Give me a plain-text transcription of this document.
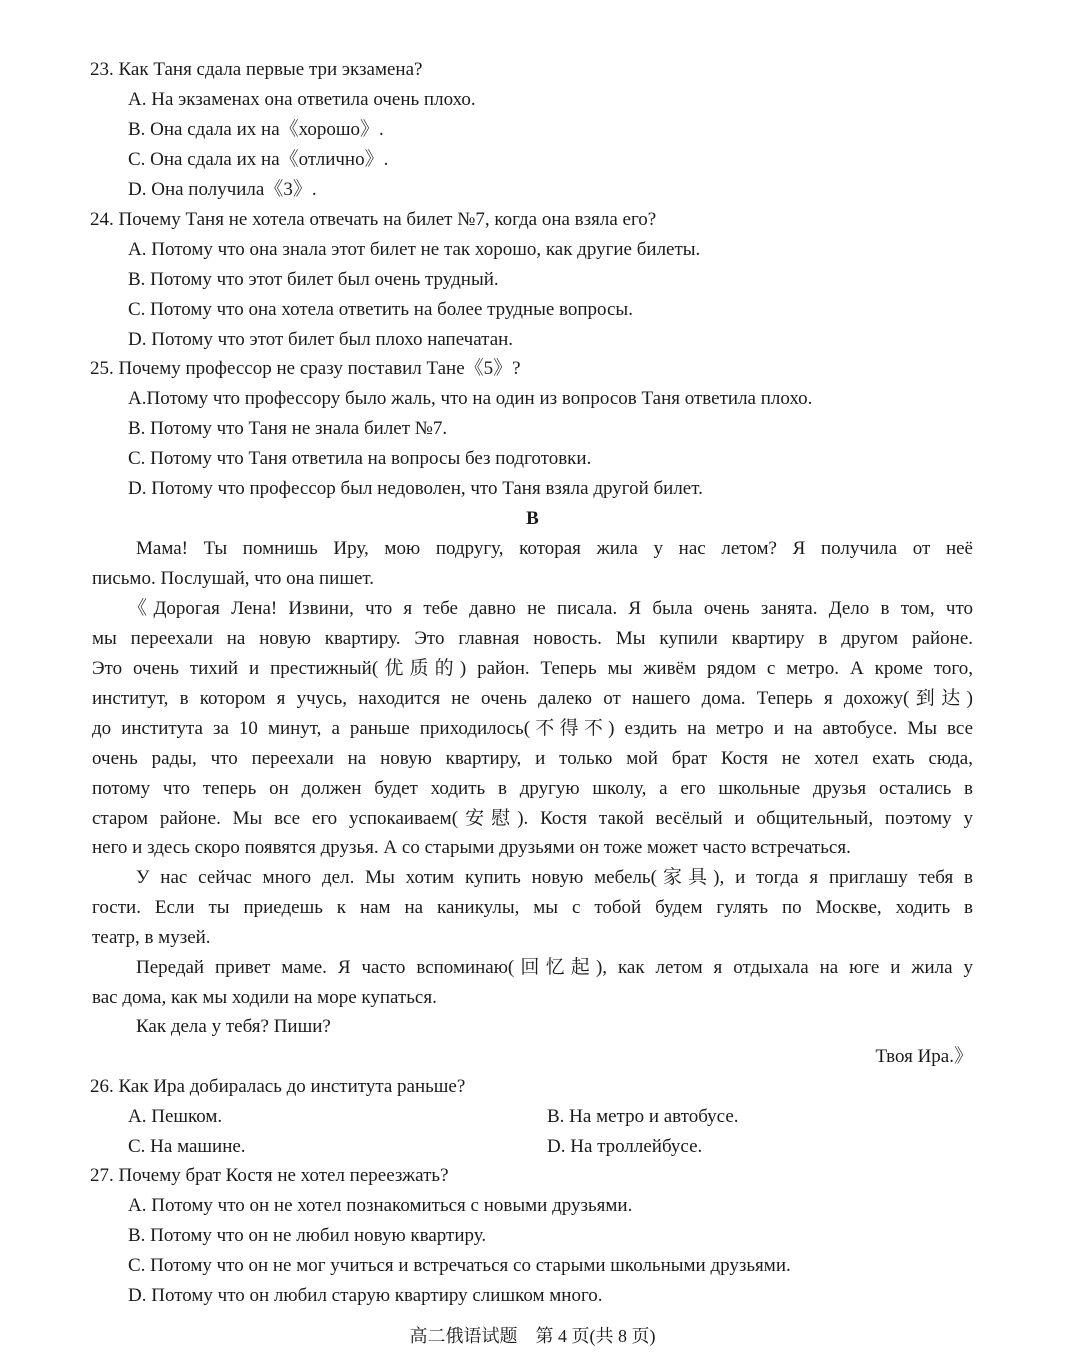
23. Как Таня сдала первые три экзамена?
A. На экзаменах она ответила очень плохо.
B. Она сдала их на《хорошо》.
C. Она сдала их на《отлично》.
D. Она получила《3》.
24. Почему Таня не хотела отвечать на билет №7, когда она взяла его?
A. Потому что она знала этот билет не так хорошо, как другие билеты.
B. Потому что этот билет был очень трудный.
C. Потому что она хотела ответить на более трудные вопросы.
D. Потому что этот билет был плохо напечатан.
25. Почему профессор не сразу поставил Тане《5》?
A.Потому что профессору было жаль, что на один из вопросов Таня ответила плохо.
B. Потому что Таня не знала билет №7.
C. Потому что Таня ответила на вопросы без подготовки.
D. Потому что профессор был недоволен, что Таня взяла другой билет.
B
Мама! Ты помнишь Иру, мою подругу, которая жила у нас летом? Я получила от неё
письмо. Послушай, что она пишет.
《Дорогая Лена! Извини, что я тебе давно не писала. Я была очень занята. Дело в том, что
мы переехали на новую квартиру. Это главная новость. Мы купили квартиру в другом районе.
Это очень тихий и престижный(优质的) район. Теперь мы живём рядом с метро. А кроме того,
институт, в котором я учусь, находится не очень далеко от нашего дома. Теперь я дохожу(到达)
до института за 10 минут, а раньше приходилось(不得不) ездить на метро и на автобусе. Мы все
очень рады, что переехали на новую квартиру, и только мой брат Костя не хотел ехать сюда,
потому что теперь он должен будет ходить в другую школу, а его школьные друзья остались в
старом районе. Мы все его успокаиваем(安慰). Костя такой весёлый и общительный, поэтому у
него и здесь скоро появятся друзья. А со старыми друзьями он тоже может часто встречаться.
У нас сейчас много дел. Мы хотим купить новую мебель(家具), и тогда я приглашу тебя в
гости. Если ты приедешь к нам на каникулы, мы с тобой будем гулять по Москве, ходить в
театр, в музей.
Передай привет маме. Я часто вспоминаю(回忆起), как летом я отдыхала на юге и жила у
вас дома, как мы ходили на море купаться.
Как дела у тебя? Пиши?
Твоя Ира.》
26. Как Ира добиралась до института раньше?
A. Пешком.	B. На метро и автобусе.
C. На машине.	D. На троллейбусе.
27. Почему брат Костя не хотел переезжать?
A. Потому что он не хотел познакомиться с новыми друзьями.
B. Потому что он не любил новую квартиру.
C. Потому что он не мог учиться и встречаться со старыми школьными друзьями.
D. Потому что он любил старую квартиру слишком много.
高二俄语试题　第 4 页(共 8 页)
